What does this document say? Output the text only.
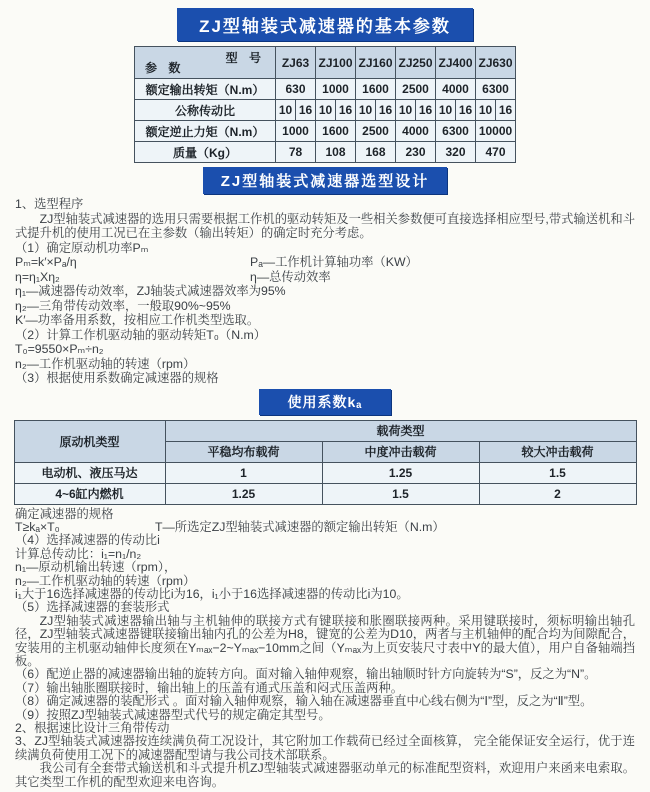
ZJ型轴装式减速器的基本参数
型 号
参 数	ZJ63		ZJ100		ZJ160		ZJ250		ZJ400		ZJ630	
额定输出转矩（N.m）	630		1000		1600		2500		4000		6300	
公称传动比	10	16	10	16	10	16	10	16	10	16	10	16
额定逆止力矩（N.m）	1000		1600		2500		4000		6300		10000	
质量（Kg）	78		108		168		230		320		470	
ZJ型轴装式减速器选型设计
1、选型程序
ZJ型轴装式减速器的选用只需要根据工作机的驱动转矩及一些相关参数便可直接选择相应型号,带式输送机和斗式提升机的使用工况已在主参数（输出转矩）的确定时充分考虑。
（1）确定原动机功率Pₘ
Pₘ=k′×Pₐ/η	Pₐ—工作机计算轴功率（KW）
η=η₁Xη₂	η—总传动效率
η₁—减速器传动效率，ZJ轴装式减速器效率为95%
η₂—三角带传动效率，一般取90%~95%
K′—功率备用系数，按相应工作机类型选取。
（2）计算工作机驱动轴的驱动转矩T₀（N.m）
T₀=9550×Pₘ÷n₂
n₂—工作机驱动轴的转速（rpm）
（3）根据使用系数确定减速器的规格
使用系数kₐ
原动机类型	载荷类型		
	平稳均布载荷	中度冲击载荷	较大冲击载荷
电动机、液压马达	1	1.25	1.5
4~6缸内燃机	1.25	1.5	2
确定减速器的规格
T≥kₐ×T₀	T—所选定ZJ型轴装式减速器的额定输出转矩（N.m）
（4）选择减速器的传动比i
计算总传动比：i₁=n₁/n₂
n₁—原动机输出转速（rpm），
n₂—工作机驱动轴的转速（rpm）
i₁大于16选择减速器的传动比i为16，i₁小于16选择减速器的传动比i为10。
（5）选择减速器的套装形式
ZJ型轴装式减速器输出轴与主机轴伸的联接方式有键联接和胀圈联接两种。采用键联接时，须标明输出轴孔径，ZJ型轴装式减速器键联接输出轴内孔的公差为H8，键宽的公差为D10，两者与主机轴伸的配合均为间隙配合，安装用的主机驱动轴伸长度须在Yₘₐₓ−2~Yₘₐₓ−10mm之间（Yₘₐₓ为上页安装尺寸表中Y的最大值），用户自备轴端挡板。
（6）配逆止器的减速器输出轴的旋转方向。面对输入轴伸观察，输出轴顺时针方向旋转为“S”，反之为“N”。
（7）输出轴胀圈联接时，输出轴上的压盖有通式压盖和闷式压盖两种。
（8）确定减速器的装配形式 。面对输入轴伸观察，输入轴在减速器垂直中心线右侧为“Ⅰ”型，反之为“Ⅱ”型。
（9）按照ZJ型轴装式减速器型式代号的规定确定其型号。
2、根据速比设计三角带传动
3、ZJ型轴装式减速器按连续满负荷工况设计，其它附加工作载荷已经过全面核算， 完全能保证安全运行，优于连续满负荷使用工况下的减速器配型请与我公司技术部联系。
我公司有全套带式输送机和斗式提升机ZJ型轴装式减速器驱动单元的标准配型资料，欢迎用户来函来电索取。其它类型工作机的配型欢迎来电咨询。
